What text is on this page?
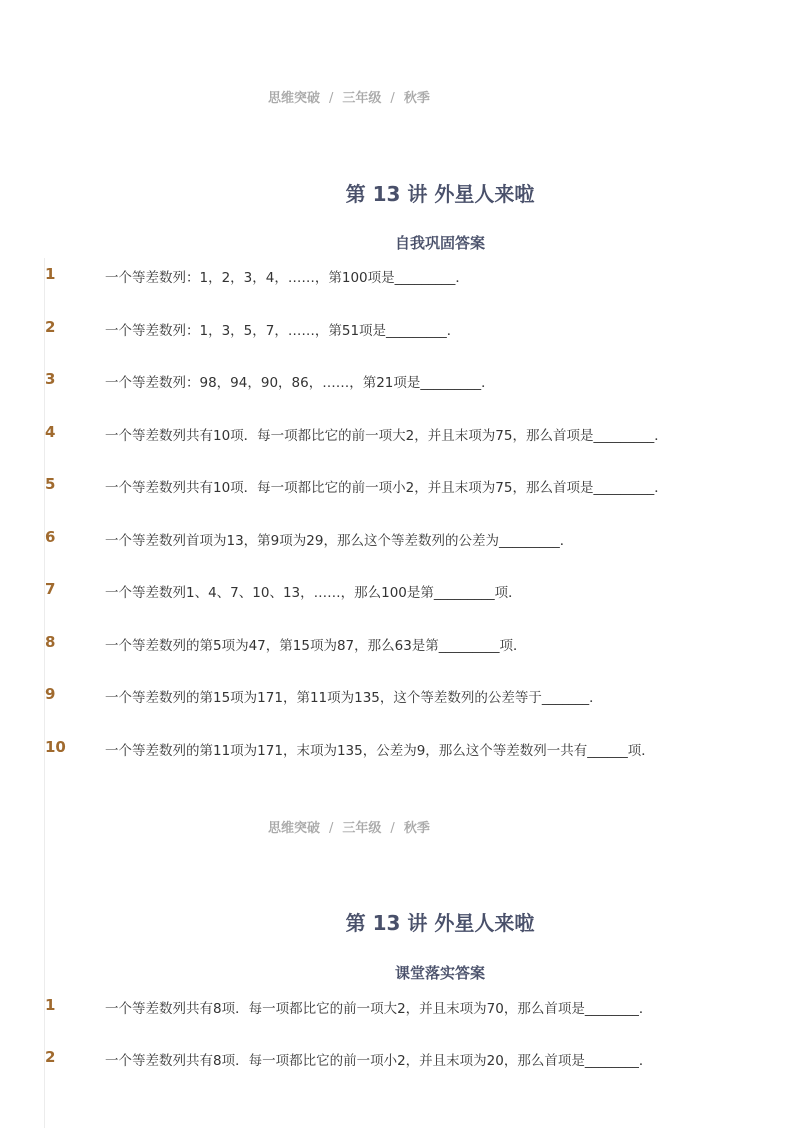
思维突破 / 三年级 / 秋季
第 13 讲 外星人来啦
自我巩固答案
1	一个等差数列：1，2，3，4，……，第100项是_________．
2	一个等差数列：1，3，5，7，……，第51项是_________．
3	一个等差数列：98，94，90，86，……，第21项是_________．
4	一个等差数列共有10项．每一项都比它的前一项大2，并且末项为75，那么首项是_________．
5	一个等差数列共有10项．每一项都比它的前一项小2，并且末项为75，那么首项是_________．
6	一个等差数列首项为13，第9项为29，那么这个等差数列的公差为_________．
7	一个等差数列1、4、7、10、13，……，那么100是第_________项．
8	一个等差数列的第5项为47，第15项为87，那么63是第_________项．
9	一个等差数列的第15项为171，第11项为135，这个等差数列的公差等于_______．
10	一个等差数列的第11项为171，末项为135，公差为9，那么这个等差数列一共有______项．
思维突破 / 三年级 / 秋季
第 13 讲 外星人来啦
课堂落实答案
1	一个等差数列共有8项．每一项都比它的前一项大2，并且末项为70，那么首项是________．
2	一个等差数列共有8项．每一项都比它的前一项小2，并且末项为20，那么首项是________．
